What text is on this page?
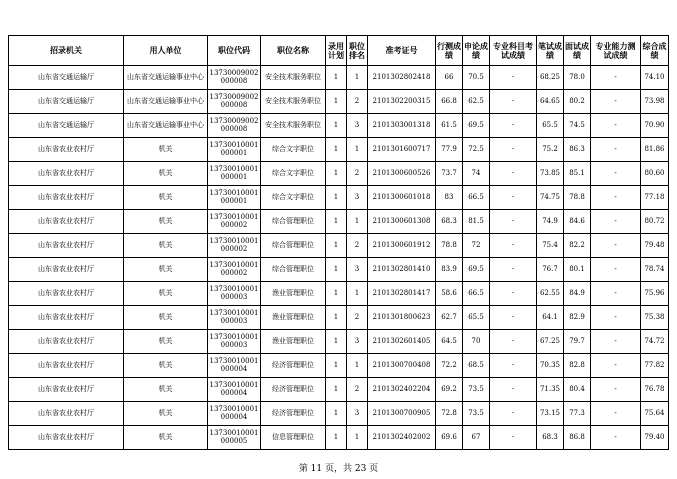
招录机关	用人单位	职位代码	职位名称	录用计划	职位排名	准考证号	行测成绩	申论成绩	专业科目考试成绩	笔试成绩	面试成绩	专业能力测试成绩	综合成绩
山东省交通运输厅	山东省交通运输事业中心	13730009002000008	安全技术服务职位	1	1	2101302802418	66	70.5	-	68.25	78.0	-	74.10
山东省交通运输厅	山东省交通运输事业中心	13730009002000008	安全技术服务职位	1	2	2101302200315	66.8	62.5	-	64.65	80.2	-	73.98
山东省交通运输厅	山东省交通运输事业中心	13730009002000008	安全技术服务职位	1	3	2101303001318	61.5	69.5	-	65.5	74.5	-	70.90
山东省农业农村厅	机关	13730010001000001	综合文字职位	1	1	2101301600717	77.9	72.5	-	75.2	86.3	-	81.86
山东省农业农村厅	机关	13730010001000001	综合文字职位	1	2	2101300600526	73.7	74	-	73.85	85.1	-	80.60
山东省农业农村厅	机关	13730010001000001	综合文字职位	1	3	2101300601018	83	66.5	-	74.75	78.8	-	77.18
山东省农业农村厅	机关	13730010001000002	综合管理职位	1	1	2101300601308	68.3	81.5	-	74.9	84.6	-	80.72
山东省农业农村厅	机关	13730010001000002	综合管理职位	1	2	2101300601912	78.8	72	-	75.4	82.2	-	79.48
山东省农业农村厅	机关	13730010001000002	综合管理职位	1	3	2101302801410	83.9	69.5	-	76.7	80.1	-	78.74
山东省农业农村厅	机关	13730010001000003	渔业管理职位	1	1	2101302801417	58.6	66.5	-	62.55	84.9	-	75.96
山东省农业农村厅	机关	13730010001000003	渔业管理职位	1	2	2101301800623	62.7	65.5	-	64.1	82.9	-	75.38
山东省农业农村厅	机关	13730010001000003	渔业管理职位	1	3	2101302601405	64.5	70	-	67.25	79.7	-	74.72
山东省农业农村厅	机关	13730010001000004	经济管理职位	1	1	2101300700408	72.2	68.5	-	70.35	82.8	-	77.82
山东省农业农村厅	机关	13730010001000004	经济管理职位	1	2	2101302402204	69.2	73.5	-	71.35	80.4	-	76.78
山东省农业农村厅	机关	13730010001000004	经济管理职位	1	3	2101300700905	72.8	73.5	-	73.15	77.3	-	75.64
山东省农业农村厅	机关	13730010001000005	信息管理职位	1	1	2101302402002	69.6	67	-	68.3	86.8	-	79.40
第 11 页，共 23 页
